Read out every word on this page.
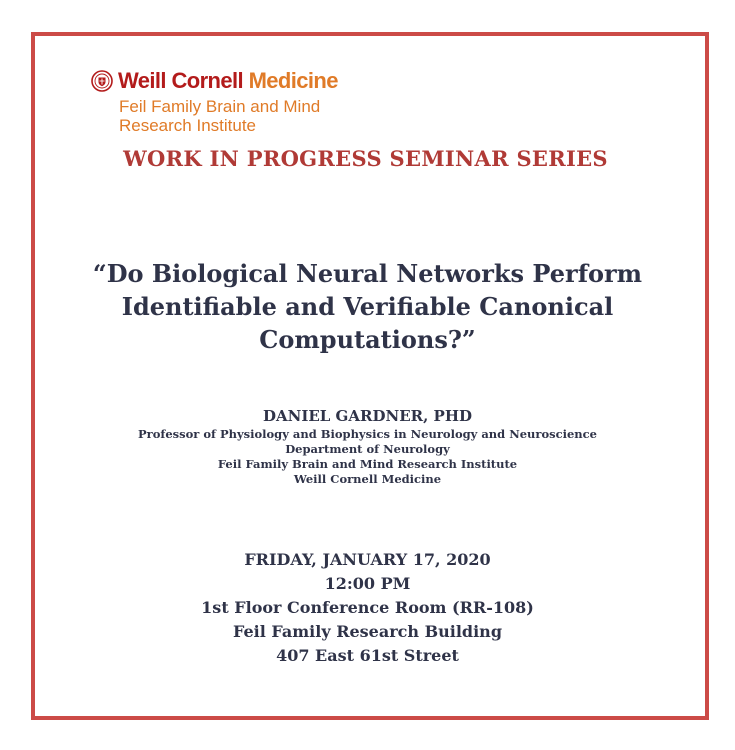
Weill Cornell Medicine
Feil Family Brain and Mind
Research Institute
WORK IN PROGRESS SEMINAR SERIES
“Do Biological Neural Networks Perform
Identifiable and Verifiable Canonical
Computations?”
DANIEL GARDNER, PHD
Professor of Physiology and Biophysics in Neurology and Neuroscience
Department of Neurology
Feil Family Brain and Mind Research Institute
Weill Cornell Medicine
FRIDAY, JANUARY 17, 2020
12:00 PM
1st Floor Conference Room (RR-108)
Feil Family Research Building
407 East 61st Street
